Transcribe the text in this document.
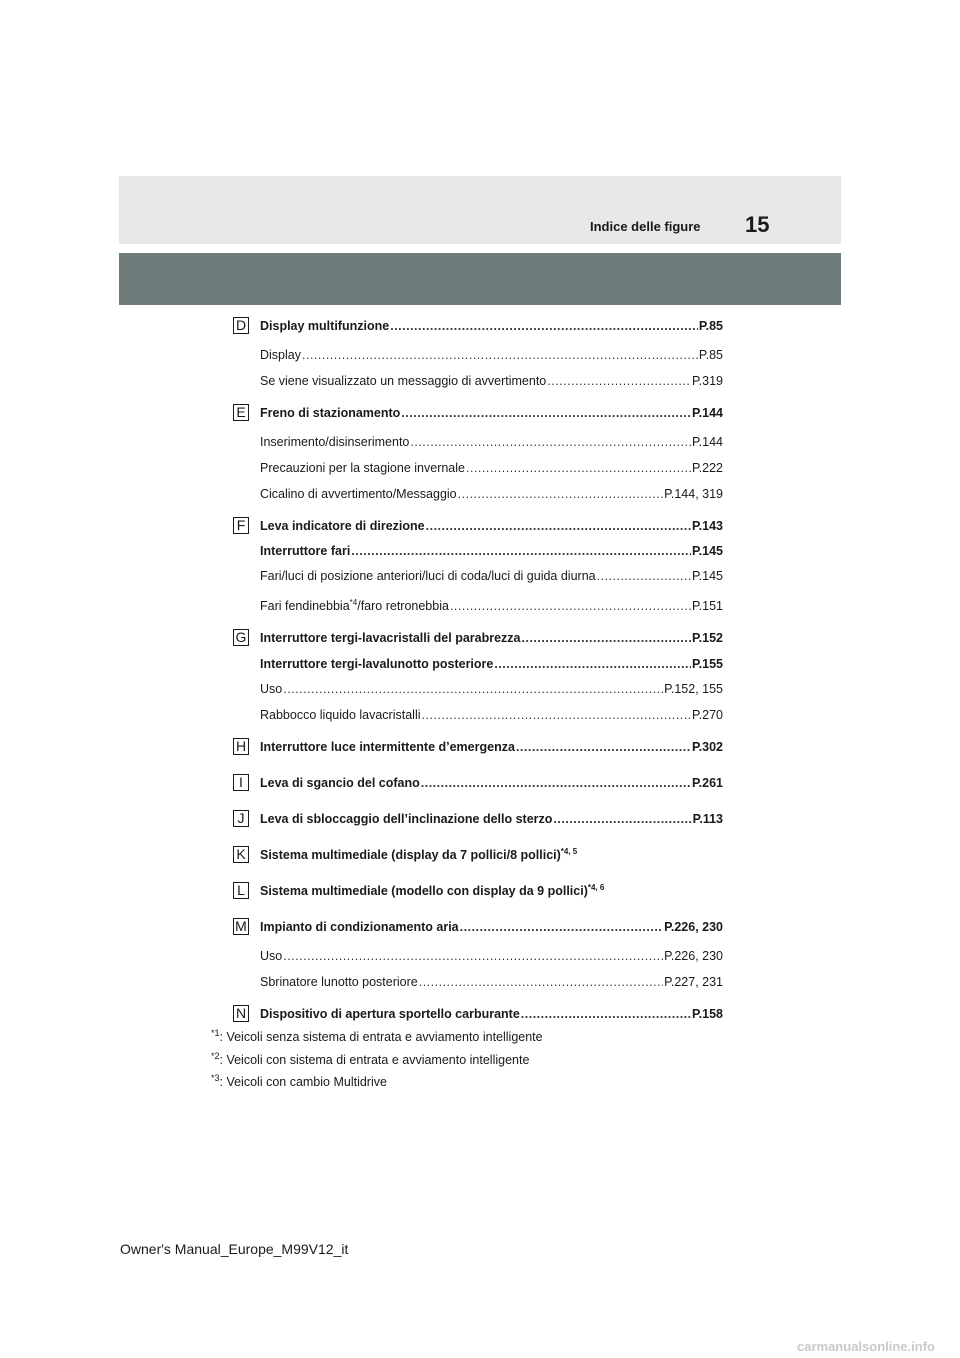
Indice delle figure 15
D Display multifunzione .....	P.85
Display .....	P.85
Se viene visualizzato un messaggio di avvertimento .....	P.319
E Freno di stazionamento .....	P.144
Inserimento/disinserimento .....	P.144
Precauzioni per la stagione invernale .....	P.222
Cicalino di avvertimento/Messaggio .....	P.144, 319
F Leva indicatore di direzione .....	P.143
Interruttore fari .....	P.145
Fari/luci di posizione anteriori/luci di coda/luci di guida diurna .....	P.145
Fari fendinebbia$^{*4}$/faro retronebbia .....	P.151
G Interruttore tergi-lavacristalli del parabrezza .....	P.152
Interruttore tergi-lavalunotto posteriore .....	P.155
Uso .....	P.152, 155
Rabbocco liquido lavacristalli .....	P.270
H Interruttore luce intermittente d’emergenza .....	P.302
I	Leva di sgancio del cofano .....	P.261
J	Leva di sbloccaggio dell’inclinazione dello sterzo .....	P.113
K Sistema multimediale (display da 7 pollici/8 pollici)$^{*4, 5}$
L	Sistema multimediale (modello con display da 9 pollici)$^{*4, 6}$
M Impianto di condizionamento aria .....	P.226, 230
Uso .....	P.226, 230
Sbrinatore lunotto posteriore .....	P.227, 231
N Dispositivo di apertura sportello carburante .....	P.158
$^{*1}$: Veicoli senza sistema di entrata e avviamento intelligente
$^{*2}$: Veicoli con sistema di entrata e avviamento intelligente
$^{*3}$: Veicoli con cambio Multidrive
Owner's Manual_Europe_M99V12_it
carmanualsonline.info
